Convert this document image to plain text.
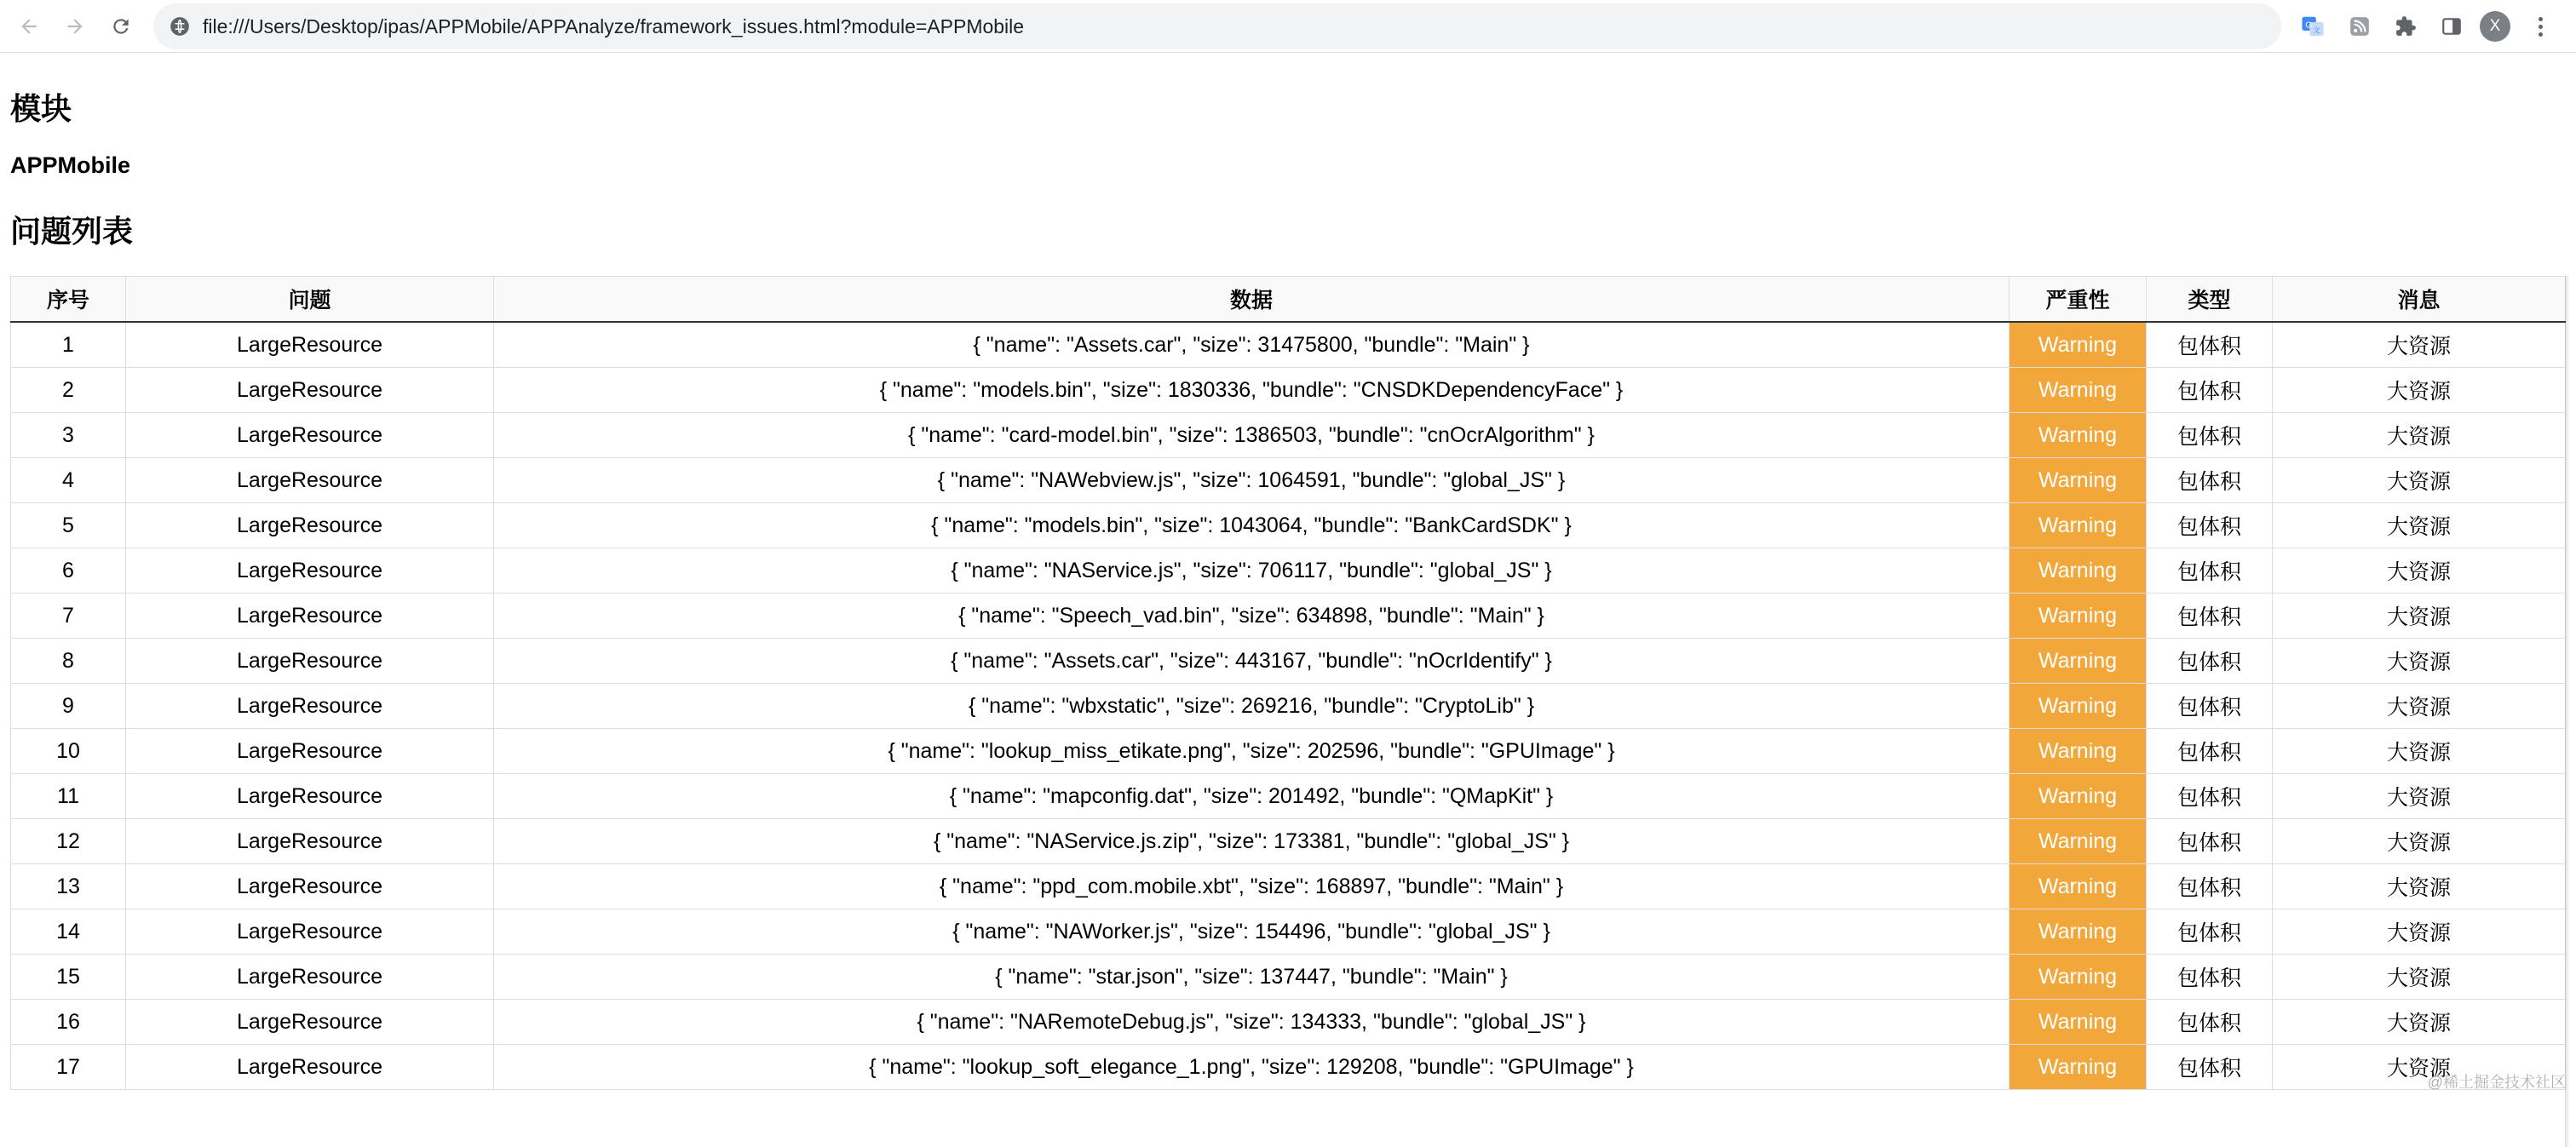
file:///Users/Desktop/ipas/APPMobile/APPAnalyze/framework_issues.html?module=APPMobile	G
文	X
模块

APPMobile

问题列表
序号	问题	数据	严重性	类型	消息
1	LargeResource	{ "name": "Assets.car", "size": 31475800, "bundle": "Main" }	Warning	包体积	大资源
2	LargeResource	{ "name": "models.bin", "size": 1830336, "bundle": "CNSDKDependencyFace" }	Warning	包体积	大资源
3	LargeResource	{ "name": "card-model.bin", "size": 1386503, "bundle": "cnOcrAlgorithm" }	Warning	包体积	大资源
4	LargeResource	{ "name": "NAWebview.js", "size": 1064591, "bundle": "global_JS" }	Warning	包体积	大资源
5	LargeResource	{ "name": "models.bin", "size": 1043064, "bundle": "BankCardSDK" }	Warning	包体积	大资源
6	LargeResource	{ "name": "NAService.js", "size": 706117, "bundle": "global_JS" }	Warning	包体积	大资源
7	LargeResource	{ "name": "Speech_vad.bin", "size": 634898, "bundle": "Main" }	Warning	包体积	大资源
8	LargeResource	{ "name": "Assets.car", "size": 443167, "bundle": "nOcrIdentify" }	Warning	包体积	大资源
9	LargeResource	{ "name": "wbxstatic", "size": 269216, "bundle": "CryptoLib" }	Warning	包体积	大资源
10	LargeResource	{ "name": "lookup_miss_etikate.png", "size": 202596, "bundle": "GPUImage" }	Warning	包体积	大资源
11	LargeResource	{ "name": "mapconfig.dat", "size": 201492, "bundle": "QMapKit" }	Warning	包体积	大资源
12	LargeResource	{ "name": "NAService.js.zip", "size": 173381, "bundle": "global_JS" }	Warning	包体积	大资源
13	LargeResource	{ "name": "ppd_com.mobile.xbt", "size": 168897, "bundle": "Main" }	Warning	包体积	大资源
14	LargeResource	{ "name": "NAWorker.js", "size": 154496, "bundle": "global_JS" }	Warning	包体积	大资源
15	LargeResource	{ "name": "star.json", "size": 137447, "bundle": "Main" }	Warning	包体积	大资源
16	LargeResource	{ "name": "NARemoteDebug.js", "size": 134333, "bundle": "global_JS" }	Warning	包体积	大资源
17	LargeResource	{ "name": "lookup_soft_elegance_1.png", "size": 129208, "bundle": "GPUImage" }	Warning	包体积	大资源
@稀土掘金技术社区
